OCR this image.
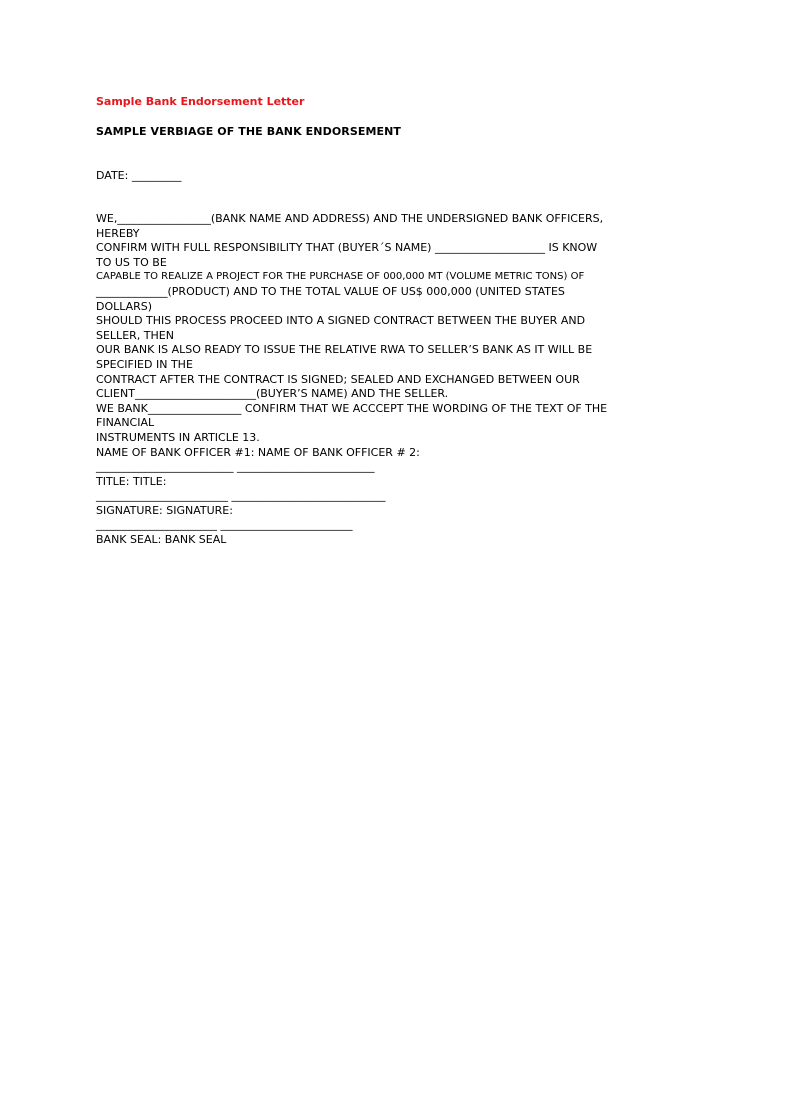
Sample Bank Endorsement Letter
SAMPLE VERBIAGE OF THE BANK ENDORSEMENT
DATE: _________
WE,_________________(BANK NAME AND ADDRESS) AND THE UNDERSIGNED BANK OFFICERS,
HEREBY
CONFIRM WITH FULL RESPONSIBILITY THAT (BUYER´S NAME) ____________________ IS KNOW
TO US TO BE
CAPABLE TO REALIZE A PROJECT FOR THE PURCHASE OF 000,000 MT (VOLUME METRIC TONS) OF
_____________(PRODUCT) AND TO THE TOTAL VALUE OF US$ 000,000 (UNITED STATES
DOLLARS)
SHOULD THIS PROCESS PROCEED INTO A SIGNED CONTRACT BETWEEN THE BUYER AND
SELLER, THEN
OUR BANK IS ALSO READY TO ISSUE THE RELATIVE RWA TO SELLER’S BANK AS IT WILL BE
SPECIFIED IN THE
CONTRACT AFTER THE CONTRACT IS SIGNED; SEALED AND EXCHANGED BETWEEN OUR
CLIENT______________________(BUYER’S NAME) AND THE SELLER.
WE BANK_________________ CONFIRM THAT WE ACCCEPT THE WORDING OF THE TEXT OF THE
FINANCIAL
INSTRUMENTS IN ARTICLE 13.
NAME OF BANK OFFICER #1: NAME OF BANK OFFICER # 2:
_________________________ _________________________
TITLE: TITLE:
________________________ ____________________________
SIGNATURE: SIGNATURE:
______________________ ________________________
BANK SEAL: BANK SEAL
